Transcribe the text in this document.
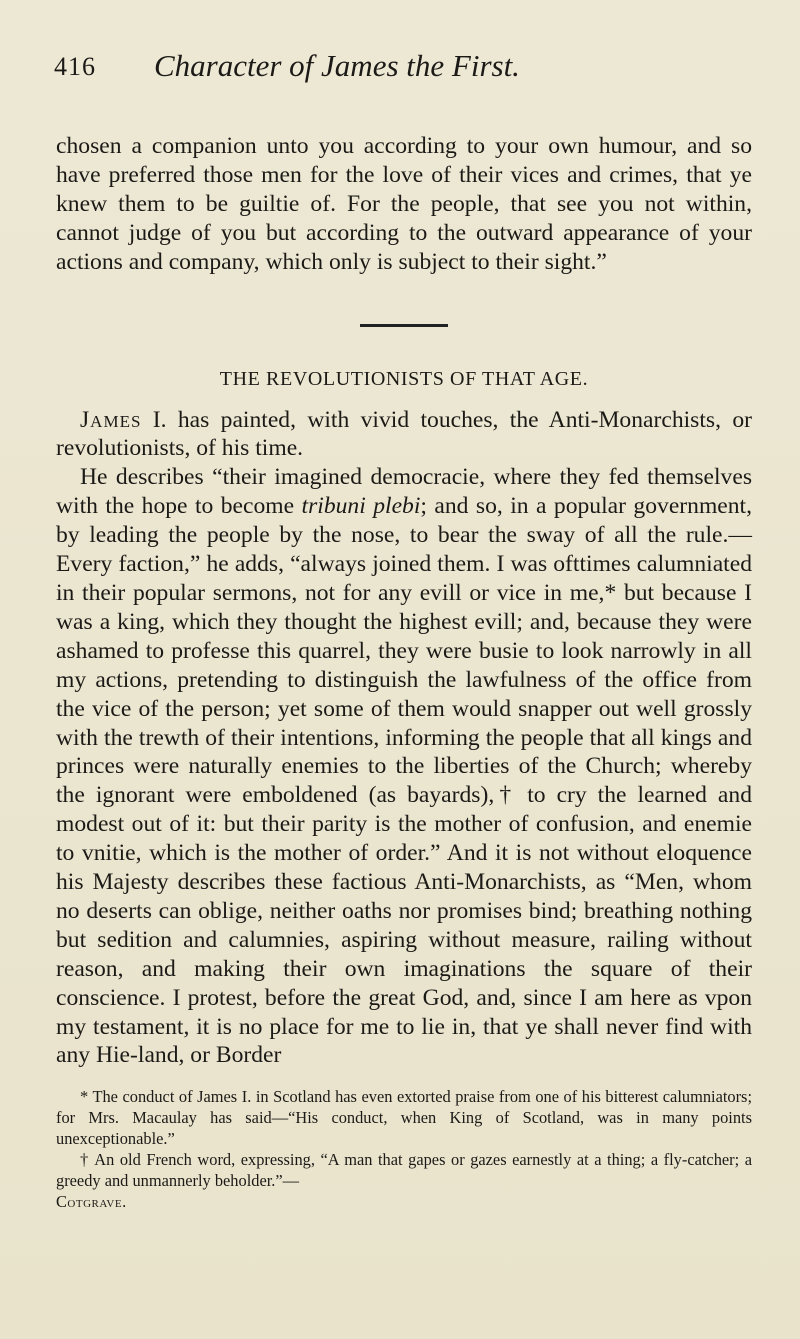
416 Character of James the First.

chosen a companion unto you according to your own humour, and so have preferred those men for the love of their vices and crimes, that ye knew them to be guiltie of. For the people, that see you not within, cannot judge of you but according to the outward appearance of your actions and company, which only is subject to their sight.”

THE REVOLUTIONISTS OF THAT AGE.

James I. has painted, with vivid touches, the Anti-Monarchists, or revolutionists, of his time.

He describes “their imagined democracie, where they fed themselves with the hope to become tribuni plebi; and so, in a popular government, by leading the people by the nose, to bear the sway of all the rule.—Every faction,” he adds, “always joined them. I was ofttimes calumniated in their popular sermons, not for any evill or vice in me,* but because I was a king, which they thought the highest evill; and, because they were ashamed to professe this quarrel, they were busie to look narrowly in all my actions, pretending to distinguish the lawfulness of the office from the vice of the person; yet some of them would snapper out well grossly with the trewth of their intentions, informing the people that all kings and princes were naturally enemies to the liberties of the Church; whereby the ignorant were emboldened (as bayards),† to cry the learned and modest out of it: but their parity is the mother of confusion, and enemie to vnitie, which is the mother of order.” And it is not without eloquence his Majesty describes these factious Anti-Monarchists, as “Men, whom no deserts can oblige, neither oaths nor promises bind; breathing nothing but sedition and calumnies, aspiring without measure, railing without reason, and making their own imaginations the square of their conscience. I protest, before the great God, and, since I am here as vpon my testament, it is no place for me to lie in, that ye shall never find with any Hie-land, or Border

* The conduct of James I. in Scotland has even extorted praise from one of his bitterest calumniators; for Mrs. Macaulay has said—“His conduct, when King of Scotland, was in many points unexceptionable.”

† An old French word, expressing, “A man that gapes or gazes earnestly at a thing; a fly-catcher; a greedy and unmannerly beholder.”—
Cotgrave.
